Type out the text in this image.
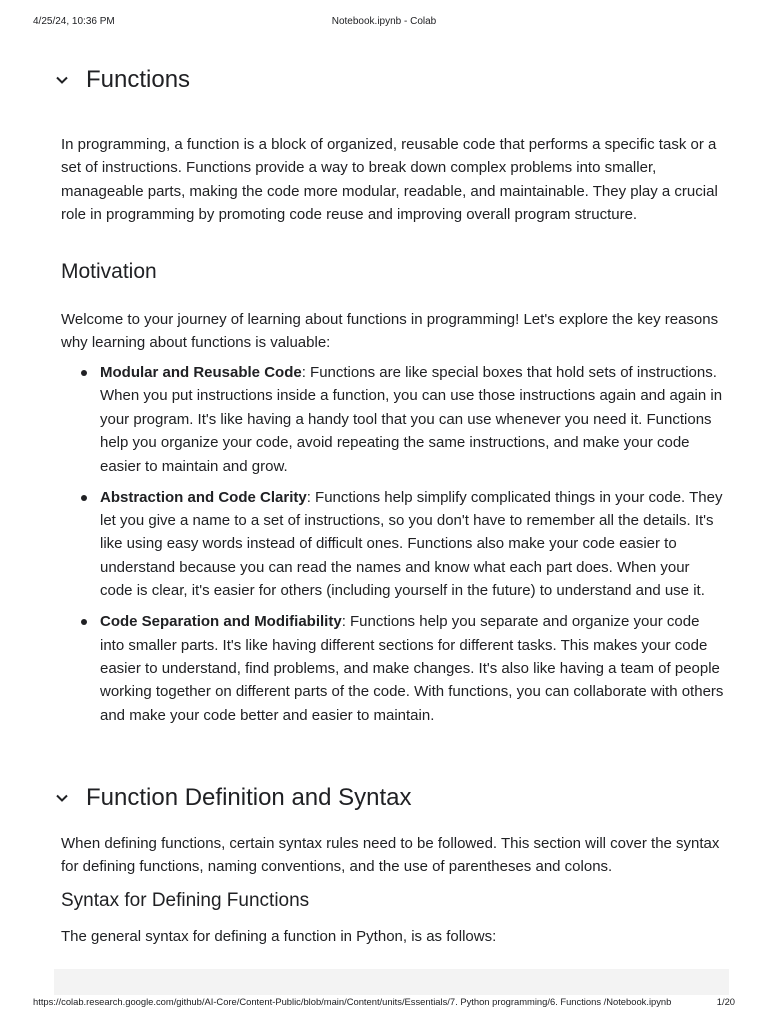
4/25/24, 10:36 PM	Notebook.ipynb - Colab
Functions

In programming, a function is a block of organized, reusable code that performs a specific task or a set of instructions. Functions provide a way to break down complex problems into smaller, manageable parts, making the code more modular, readable, and maintainable. They play a crucial role in programming by promoting code reuse and improving overall program structure.

Motivation

Welcome to your journey of learning about functions in programming! Let's explore the key reasons why learning about functions is valuable:

Modular and Reusable Code: Functions are like special boxes that hold sets of instructions. When you put instructions inside a function, you can use those instructions again and again in your program. It's like having a handy tool that you can use whenever you need it. Functions help you organize your code, avoid repeating the same instructions, and make your code easier to maintain and grow.
Abstraction and Code Clarity: Functions help simplify complicated things in your code. They let you give a name to a set of instructions, so you don't have to remember all the details. It's like using easy words instead of difficult ones. Functions also make your code easier to understand because you can read the names and know what each part does. When your code is clear, it's easier for others (including yourself in the future) to understand and use it.
Code Separation and Modifiability: Functions help you separate and organize your code into smaller parts. It's like having different sections for different tasks. This makes your code easier to understand, find problems, and make changes. It's also like having a team of people working together on different parts of the code. With functions, you can collaborate with others and make your code better and easier to maintain.
Function Definition and Syntax

When defining functions, certain syntax rules need to be followed. This section will cover the syntax for defining functions, naming conventions, and the use of parentheses and colons.

Syntax for Defining Functions

The general syntax for defining a function in Python, is as follows:

https://colab.research.google.com/github/AI-Core/Content-Public/blob/main/Content/units/Essentials/7. Python programming/6. Functions /Notebook.ipynb	1/20
